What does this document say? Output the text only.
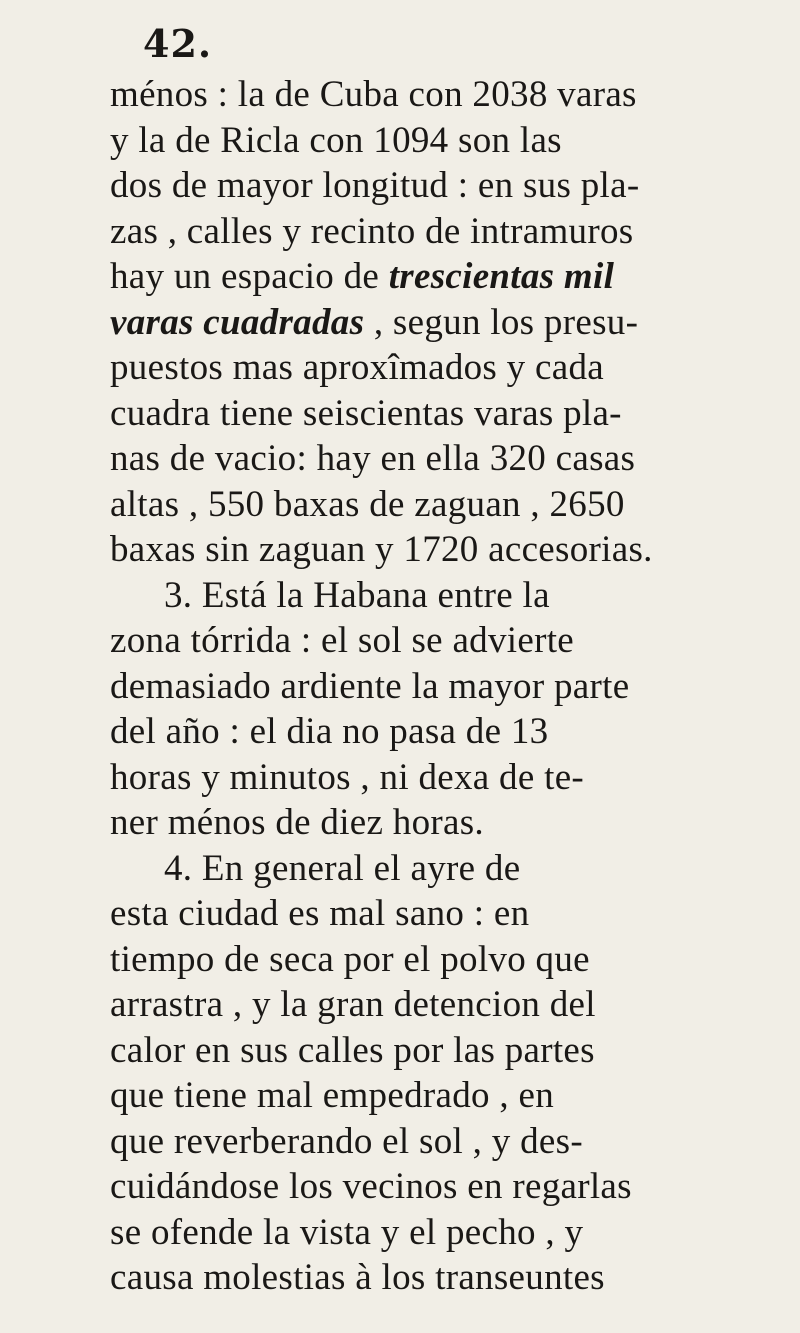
42.
ménos : la de Cuba con 2038 varas
y la de Ricla con 1094 son las
dos de mayor longitud : en sus pla-
zas , calles y recinto de intramuros
hay un espacio de trescientas mil
varas cuadradas , segun los presu-
puestos mas aproxîmados y cada
cuadra tiene seiscientas varas pla-
nas de vacio: hay en ella 320 casas
altas , 550 baxas de zaguan , 2650
baxas sin zaguan y 1720 accesorias.
3. Está la Habana entre la
zona tórrida : el sol se advierte
demasiado ardiente la mayor parte
del año : el dia no pasa de 13
horas y minutos , ni dexa de te-
ner ménos de diez horas.
4. En general el ayre de
esta ciudad es mal sano : en
tiempo de seca por el polvo que
arrastra , y la gran detencion del
calor en sus calles por las partes
que tiene mal empedrado , en
que reverberando el sol , y des-
cuidándose los vecinos en regarlas
se ofende la vista y el pecho , y
causa molestias à los transeuntes
